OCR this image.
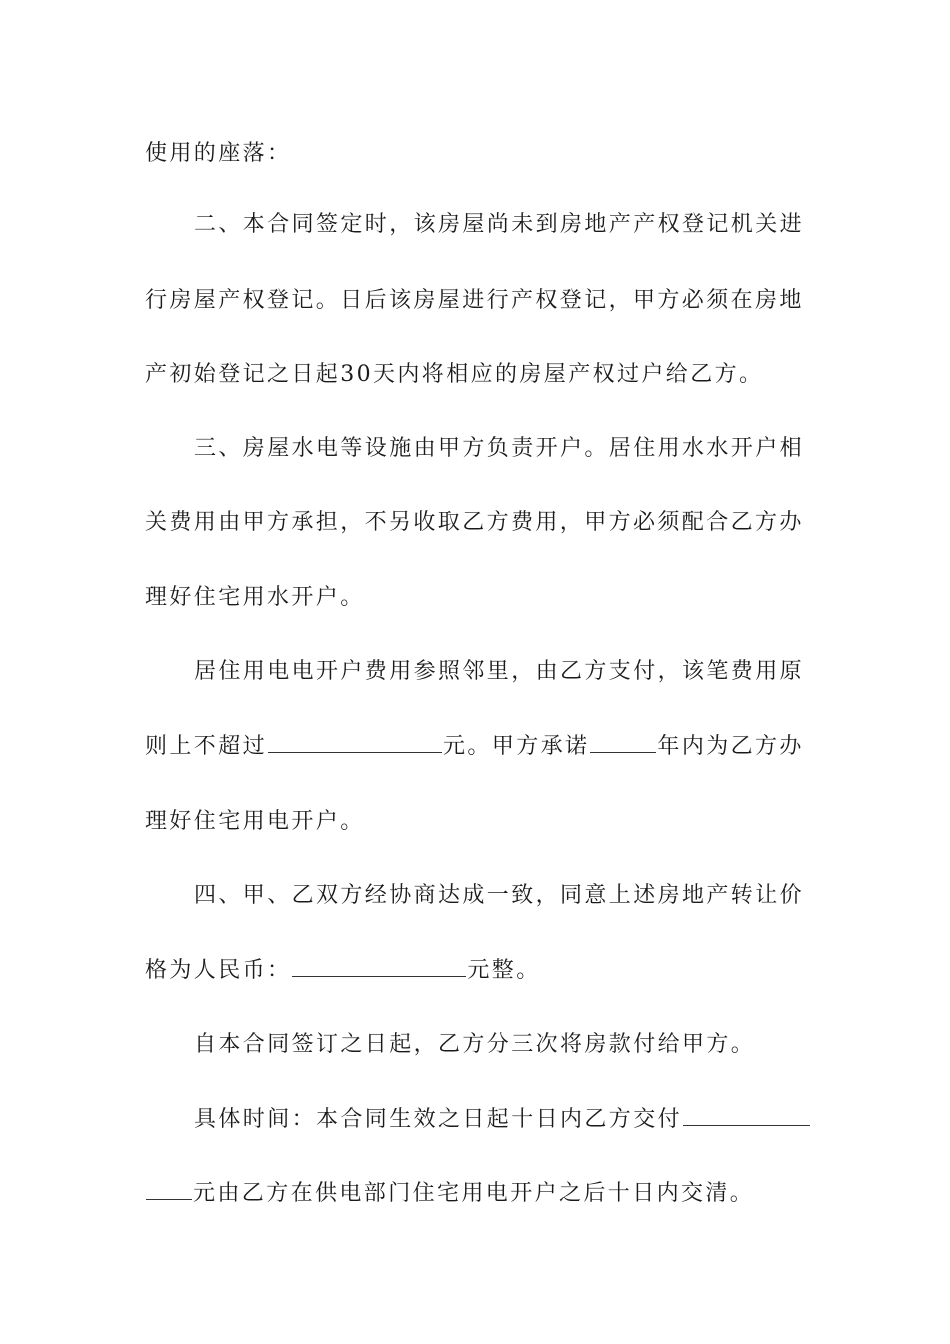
使用的座落：
二、本合同签定时，该房屋尚未到房地产产权登记机关进
行房屋产权登记。日后该房屋进行产权登记，甲方必须在房地
产初始登记之日起30天内将相应的房屋产权过户给乙方。
三、房屋水电等设施由甲方负责开户。居住用水水开户相
关费用由甲方承担，不另收取乙方费用，甲方必须配合乙方办
理好住宅用水开户。
居住用电电开户费用参照邻里，由乙方支付，该笔费用原
则上不超过	元。甲方承诺	年内为乙方办
理好住宅用电开户。
四、甲、乙双方经协商达成一致，同意上述房地产转让价
格为人民币：	元整。
自本合同签订之日起，乙方分三次将房款付给甲方。
具体时间：本合同生效之日起十日内乙方交付
元由乙方在供电部门住宅用电开户之后十日内交清。
